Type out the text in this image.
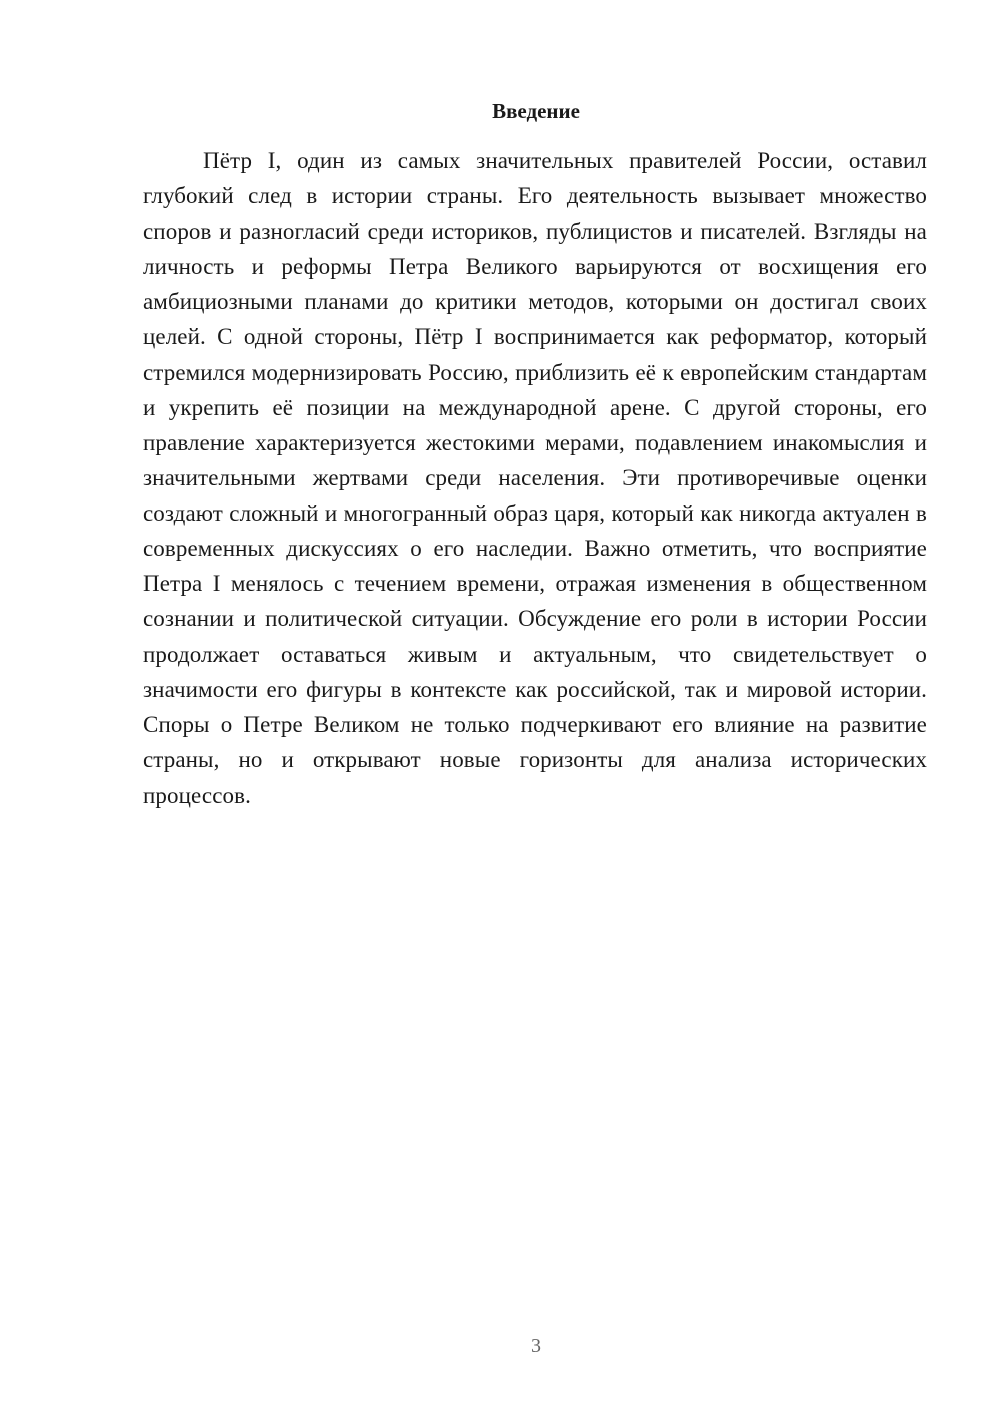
Введение

Пётр I, один из самых значительных правителей России, оставил глубокий след в истории страны. Его деятельность вызывает множество споров и разногласий среди историков, публицистов и писателей. Взгляды на личность и реформы Петра Великого варьируются от восхищения его амбициозными планами до критики методов, которыми он достигал своих целей. С одной стороны, Пётр I воспринимается как реформатор, который стремился модернизировать Россию, приблизить её к европейским стандартам и укрепить её позиции на международной арене. С другой стороны, его правление характеризуется жестокими мерами, подавлением инакомыслия и значительными жертвами среди населения. Эти противоречивые оценки создают сложный и многогранный образ царя, который как никогда актуален в современных дискуссиях о его наследии. Важно отметить, что восприятие Петра I менялось с течением времени, отражая изменения в общественном сознании и политической ситуации. Обсуждение его роли в истории России продолжает оставаться живым и актуальным, что свидетельствует о значимости его фигуры в контексте как российской, так и мировой истории. Споры о Петре Великом не только подчеркивают его влияние на развитие страны, но и открывают новые горизонты для анализа исторических процессов.

3
